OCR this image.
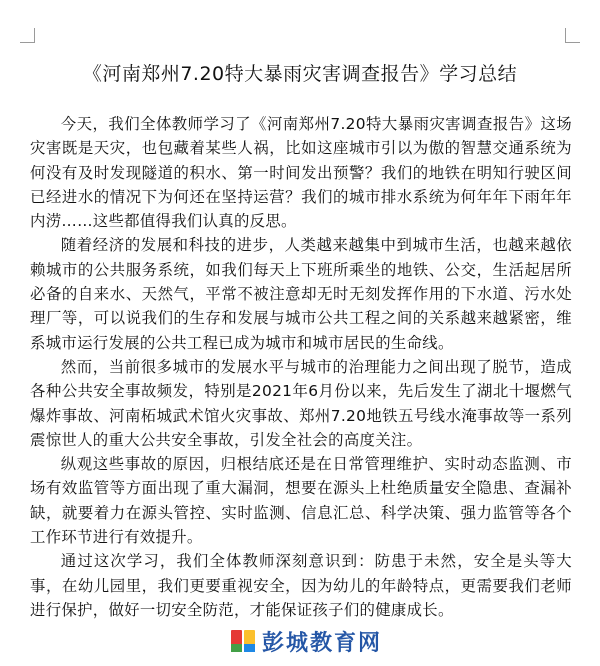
《河南郑州7.20特大暴雨灾害调查报告》学习总结

今天，我们全体教师学习了《河南郑州7.20特大暴雨灾害调查报告》这场灾害既是天灾，也包藏着某些人祸，比如这座城市引以为傲的智慧交通系统为何没有及时发现隧道的积水、第一时间发出预警？我们的地铁在明知行驶区间已经进水的情况下为何还在坚持运营？我们的城市排水系统为何年年下雨年年内涝……这些都值得我们认真的反思。

随着经济的发展和科技的进步，人类越来越集中到城市生活，也越来越依赖城市的公共服务系统，如我们每天上下班所乘坐的地铁、公交，生活起居所必备的自来水、天然气，平常不被注意却无时无刻发挥作用的下水道、污水处理厂等，可以说我们的生存和发展与城市公共工程之间的关系越来越紧密，维系城市运行发展的公共工程已成为城市和城市居民的生命线。

然而，当前很多城市的发展水平与城市的治理能力之间出现了脱节，造成各种公共安全事故频发，特别是2021年6月份以来，先后发生了湖北十堰燃气爆炸事故、河南柘城武术馆火灾事故、郑州7.20地铁五号线水淹事故等一系列震惊世人的重大公共安全事故，引发全社会的高度关注。

纵观这些事故的原因，归根结底还是在日常管理维护、实时动态监测、市场有效监管等方面出现了重大漏洞，想要在源头上杜绝质量安全隐患、查漏补缺，就要着力在源头管控、实时监测、信息汇总、科学决策、强力监管等各个工作环节进行有效提升。

通过这次学习，我们全体教师深刻意识到：防患于未然，安全是头等大事，在幼儿园里，我们更要重视安全，因为幼儿的年龄特点，更需要我们老师进行保护，做好一切安全防范，才能保证孩子们的健康成长。

彭城教育网
